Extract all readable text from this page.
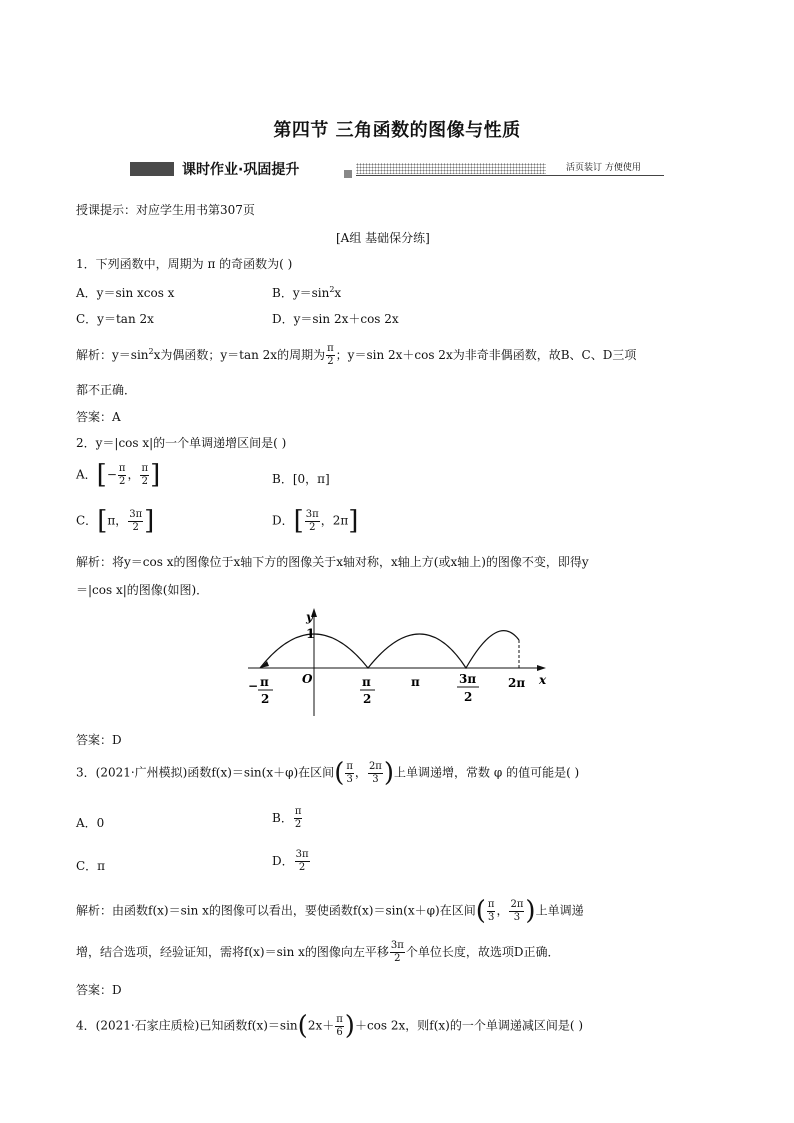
第四节 三角函数的图像与性质
课时作业·巩固提升	活页装订 方便使用
授课提示：对应学生用书第307页
[A组 基础保分练]
1．下列函数中，周期为 π 的奇函数为( )
A．y＝sin xcos x	B．$y=\sin^2x$
C．y＝tan 2x	D．y＝sin 2x＋cos 2x
解析：$y=\sin^2x$为偶函数；y＝tan 2x的周期为 $\frac{\pi}{2}$ ；y＝sin 2x＋cos 2x为非奇非偶函数，故B、C、D三项
都不正确．
答案：A
2．y＝|cos x|的一个单调递增区间是( )
A．[− $\frac{\pi}{2}$ ， $\frac{\pi}{2}$ ]	B．[0，π]
C．[π， $\frac{3\pi}{2}$ ]	D．[ $\frac{3\pi}{2}$ ，2π]
解析：将y＝cos x的图像位于x轴下方的图像关于x轴对称，x轴上方(或x轴上)的图像不变，即得y
＝|cos x|的图像(如图)．
y
1
O	x
− π
2
π
2
π	3π
2
2π
答案：D
3．(2021·广州模拟)函数f(x)＝sin(x＋φ)在区间( $\frac{\pi}{3}$ ， $\frac{2\pi}{3}$ )上单调递增，常数 φ 的值可能是( )
A．0	B． $\frac{\pi}{2}$
C．π	D． $\frac{3\pi}{2}$
解析：由函数f(x)＝sin x的图像可以看出，要使函数f(x)＝sin(x＋φ)在区间( $\frac{\pi}{3}$ ， $\frac{2\pi}{3}$ )上单调递
增，结合选项，经验证知，需将f(x)＝sin x的图像向左平移 $\frac{3\pi}{2}$ 个单位长度，故选项D正确．
答案：D
4．(2021·石家庄质检)已知函数$f(x)=\sin(2x+ \frac{\pi}{6} )+\cos$ 2x，则f(x)的一个单调递减区间是( )
